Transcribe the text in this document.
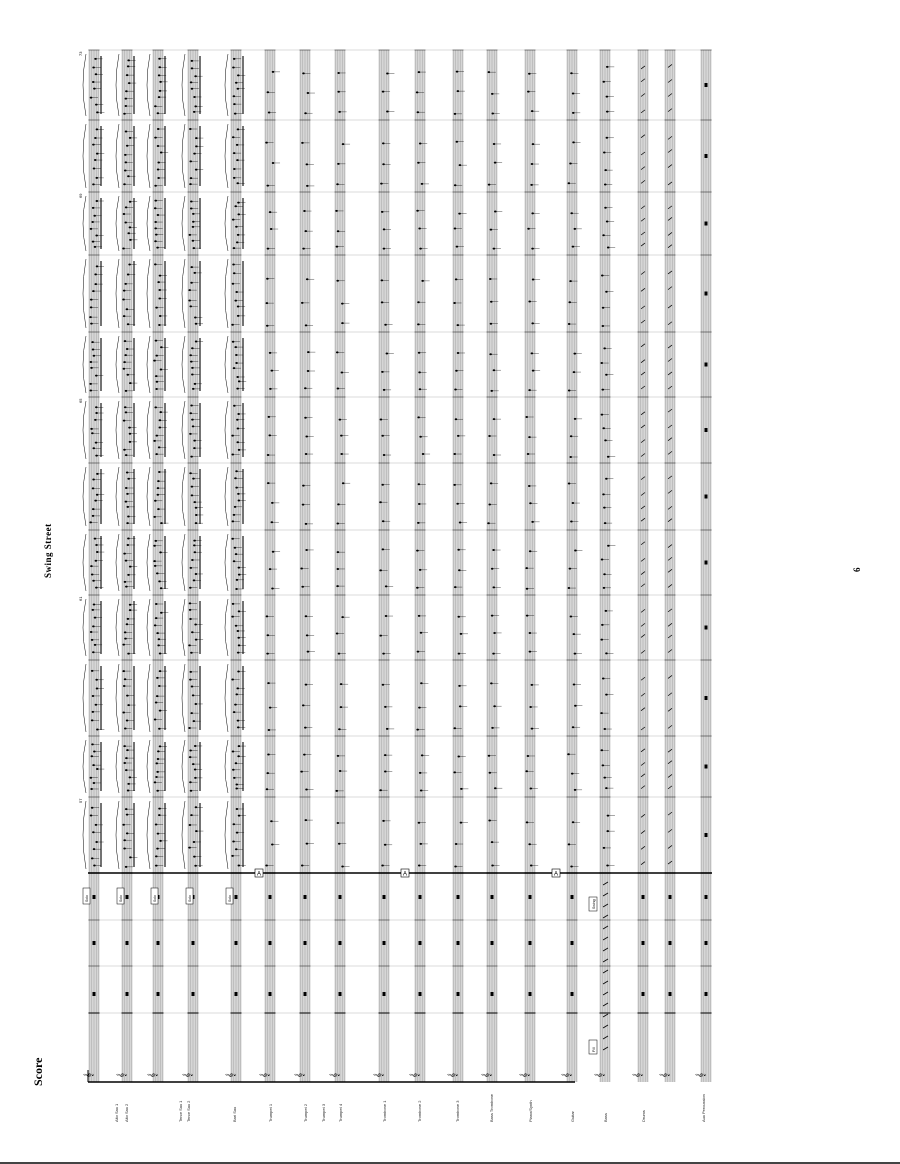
Score
Swing Street	6
𝄞	𝄞 𝄞	𝄞	𝄞	𝄞	𝄞	𝄞	𝄞	𝄞	𝄞	𝄞	𝄞	𝄞	𝄞	𝄞 𝄞	𝄞
A	A	A
Solo	Solo	Solo	Solo	Solo
Swing
Fill
57
61
65
69
73
Alto Sax 1 Alto Sax 2	Tenor Sax 1 Tenor Sax 2	Bari Sax	Trumpet 1	Trumpet 2	Trumpet 3	Trumpet 4	Trombone 1	Trombone 2	Trombone 3	Bass Trombone	Piano/Synth	Guitar	Bass	Drums	Aux Percussion
